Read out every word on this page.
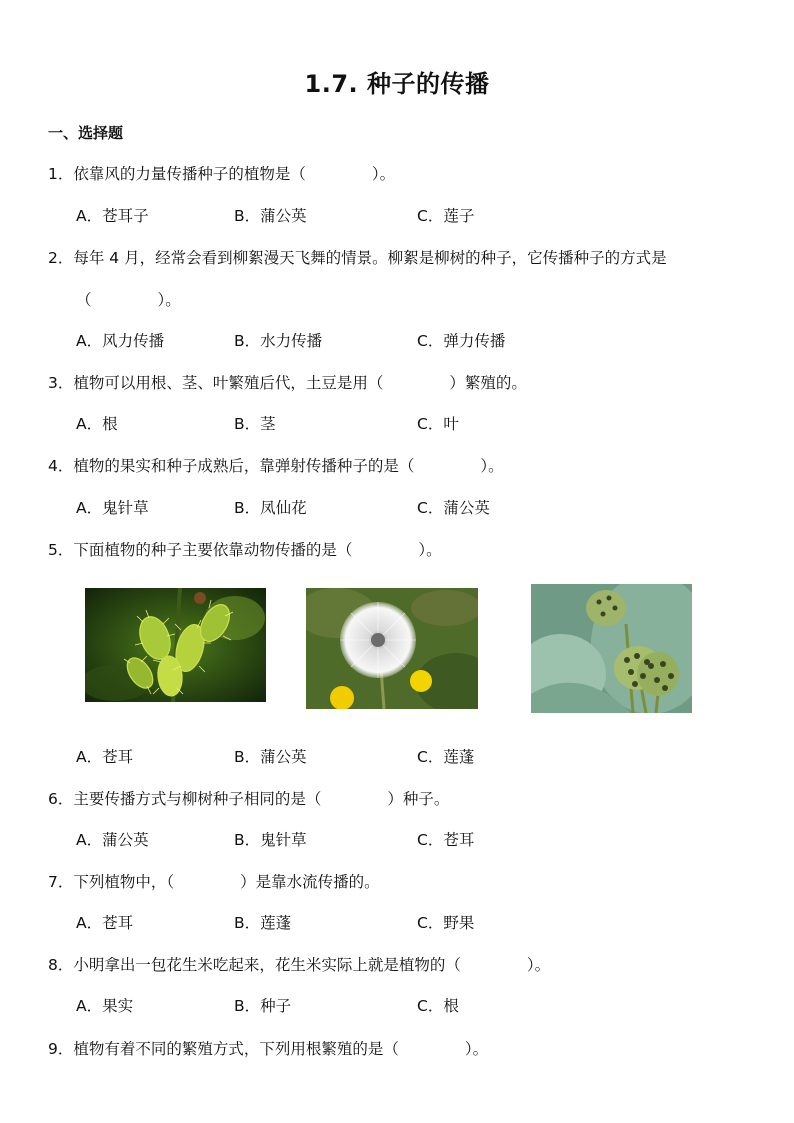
1.7. 种子的传播
一、选择题
1．依靠风的力量传播种子的植物是（	）。
A．苍耳子	B．蒲公英	C．莲子
2．每年 4 月，经常会看到柳絮漫天飞舞的情景。柳絮是柳树的种子，它传播种子的方式是
（	）。
A．风力传播	B．水力传播	C．弹力传播
3．植物可以用根、茎、叶繁殖后代，土豆是用（	）繁殖的。
A．根	B．茎	C．叶
4．植物的果实和种子成熟后，靠弹射传播种子的是（	）。
A．鬼针草	B．凤仙花	C．蒲公英
5．下面植物的种子主要依靠动物传播的是（	）。
A．苍耳	B．蒲公英	C．莲蓬
6．主要传播方式与柳树种子相同的是（	）种子。
A．蒲公英	B．鬼针草	C．苍耳
7．下列植物中，（	）是靠水流传播的。
A．苍耳	B．莲蓬	C．野果
8．小明拿出一包花生米吃起来，花生米实际上就是植物的（	）。
A．果实	B．种子	C．根
9．植物有着不同的繁殖方式，下列用根繁殖的是（	）。
